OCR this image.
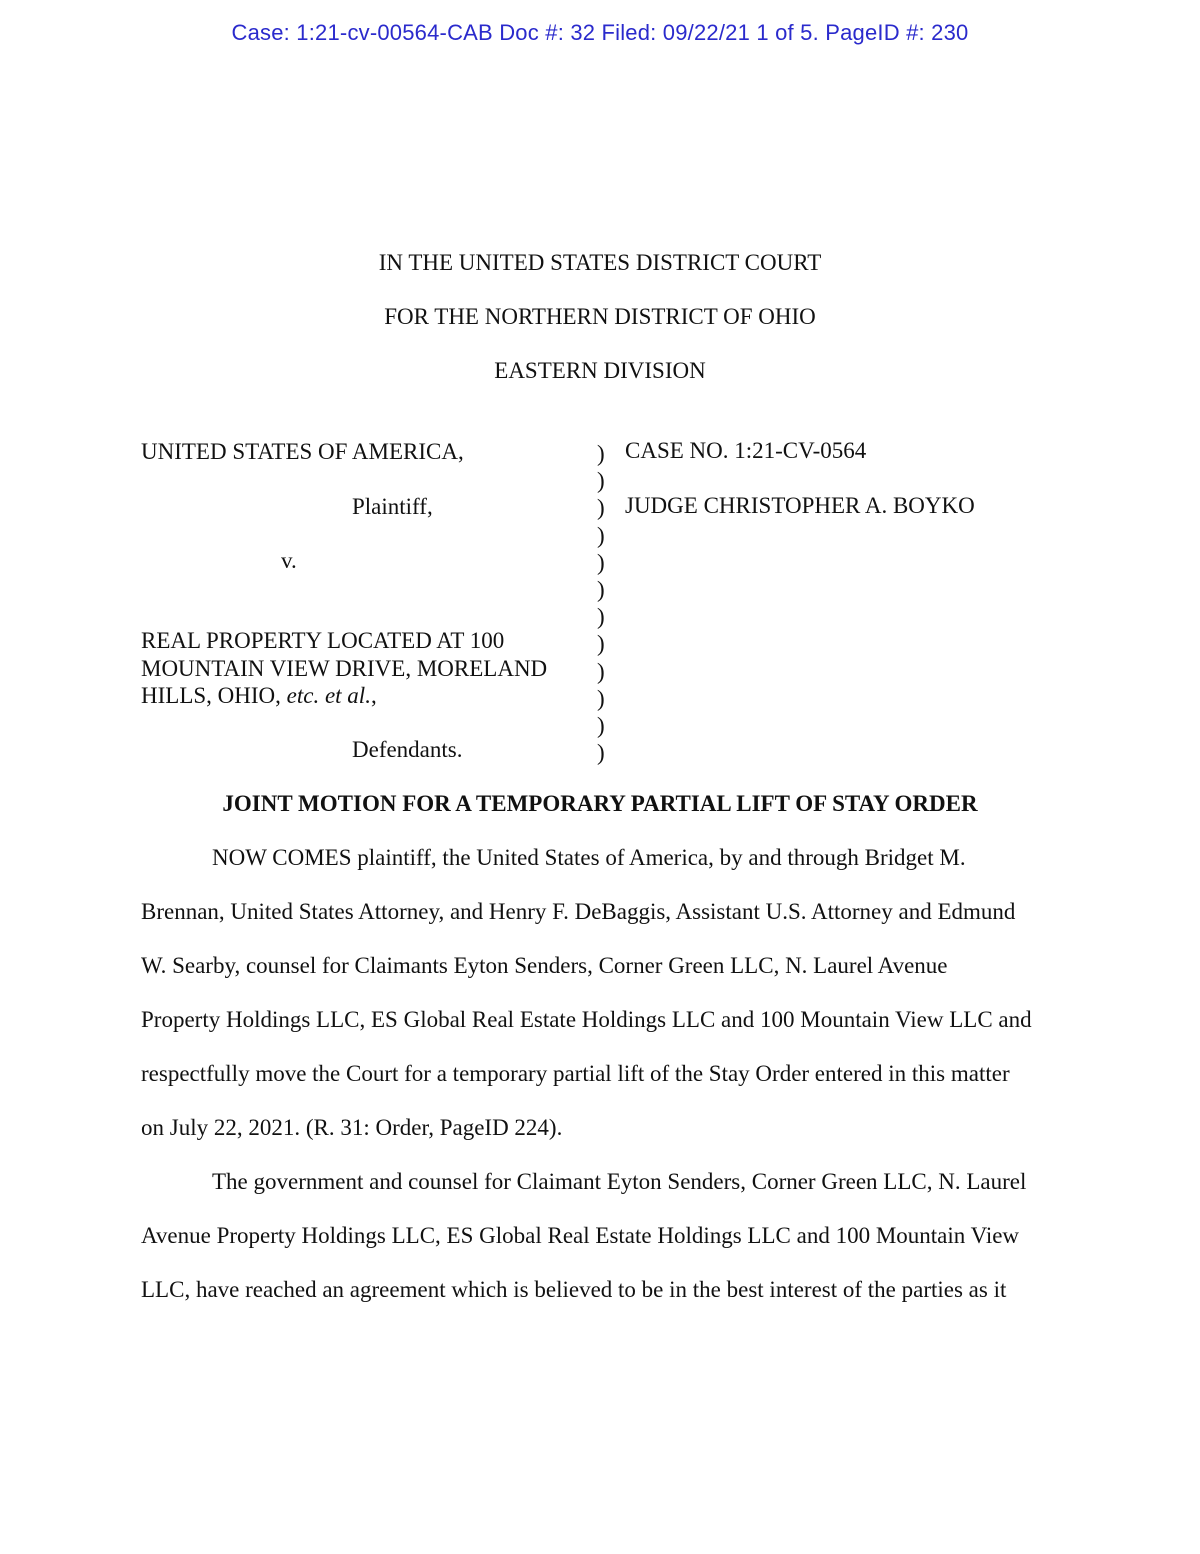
Case: 1:21-cv-00564-CAB Doc #: 32 Filed: 09/22/21 1 of 5. PageID #: 230
IN THE UNITED STATES DISTRICT COURT
FOR THE NORTHERN DISTRICT OF OHIO
EASTERN DIVISION
UNITED STATES OF AMERICA,
Plaintiff,
v.
REAL PROPERTY LOCATED AT 100
MOUNTAIN VIEW DRIVE, MORELAND
HILLS, OHIO, etc. et al.,
Defendants.
)
)
)
)
)
)
)
)
)
)
)
)
CASE NO. 1:21-CV-0564
JUDGE CHRISTOPHER A. BOYKO
JOINT MOTION FOR A TEMPORARY PARTIAL LIFT OF STAY ORDER
NOW COMES plaintiff, the United States of America, by and through Bridget M.
Brennan, United States Attorney, and Henry F. DeBaggis, Assistant U.S. Attorney and Edmund
W. Searby, counsel for Claimants Eyton Senders, Corner Green LLC, N. Laurel Avenue
Property Holdings LLC, ES Global Real Estate Holdings LLC and 100 Mountain View LLC and
respectfully move the Court for a temporary partial lift of the Stay Order entered in this matter
on July 22, 2021. (R. 31: Order, PageID 224).
The government and counsel for Claimant Eyton Senders, Corner Green LLC, N. Laurel
Avenue Property Holdings LLC, ES Global Real Estate Holdings LLC and 100 Mountain View
LLC, have reached an agreement which is believed to be in the best interest of the parties as it
